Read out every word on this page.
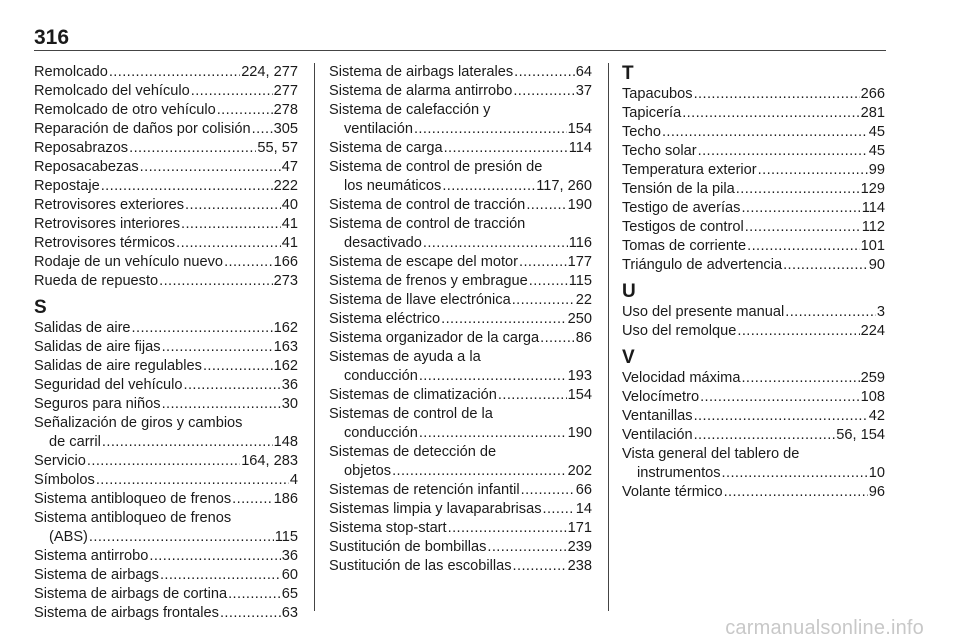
316
Remolcado .....	224, 277
Remolcado del vehículo .....	277
Remolcado de otro vehículo .....	278
Reparación de daños por colisión ..... 305
Reposabrazos .....	55, 57
Reposacabezas .....	47
Repostaje .....	222
Retrovisores exteriores .....	40
Retrovisores interiores .....	41
Retrovisores térmicos .....	41
Rodaje de un vehículo nuevo .....	166
Rueda de repuesto .....	273
S
Salidas de aire .....	162
Salidas de aire fijas .....	163
Salidas de aire regulables .....	162
Seguridad del vehículo .....	36
Seguros para niños .....	30
Señalización de giros y cambios
de carril .....	148
Servicio .....	164, 283
Símbolos .....	4
Sistema antibloqueo de frenos .....	186
Sistema antibloqueo de frenos
(ABS) .....	115
Sistema antirrobo .....	36
Sistema de airbags .....	60
Sistema de airbags de cortina .....	65
Sistema de airbags frontales .....	63
Sistema de airbags laterales .....	64
Sistema de alarma antirrobo .....	37
Sistema de calefacción y
ventilación .....	154
Sistema de carga .....	114
Sistema de control de presión de
los neumáticos .....	117, 260
Sistema de control de tracción .....	190
Sistema de control de tracción
desactivado .....	116
Sistema de escape del motor .....	177
Sistema de frenos y embrague .....	115
Sistema de llave electrónica .....	22
Sistema eléctrico .....	250
Sistema organizador de la carga .....	86
Sistemas de ayuda a la
conducción .....	193
Sistemas de climatización .....	154
Sistemas de control de la
conducción .....	190
Sistemas de detección de
objetos .....	202
Sistemas de retención infantil .....	66
Sistemas limpia y lavaparabrisas ..... 14
Sistema stop-start .....	171
Sustitución de bombillas .....	239
Sustitución de las escobillas .....	238
T
Tapacubos .....	266
Tapicería .....	281
Techo .....	45
Techo solar .....	45
Temperatura exterior .....	99
Tensión de la pila .....	129
Testigo de averías .....	114
Testigos de control .....	112
Tomas de corriente .....	101
Triángulo de advertencia .....	90
U
Uso del presente manual .....	3
Uso del remolque .....	224
V
Velocidad máxima .....	259
Velocímetro .....	108
Ventanillas .....	42
Ventilación .....	56, 154
Vista general del tablero de
instrumentos .....	10
Volante térmico .....	96
carmanualsonline.info
